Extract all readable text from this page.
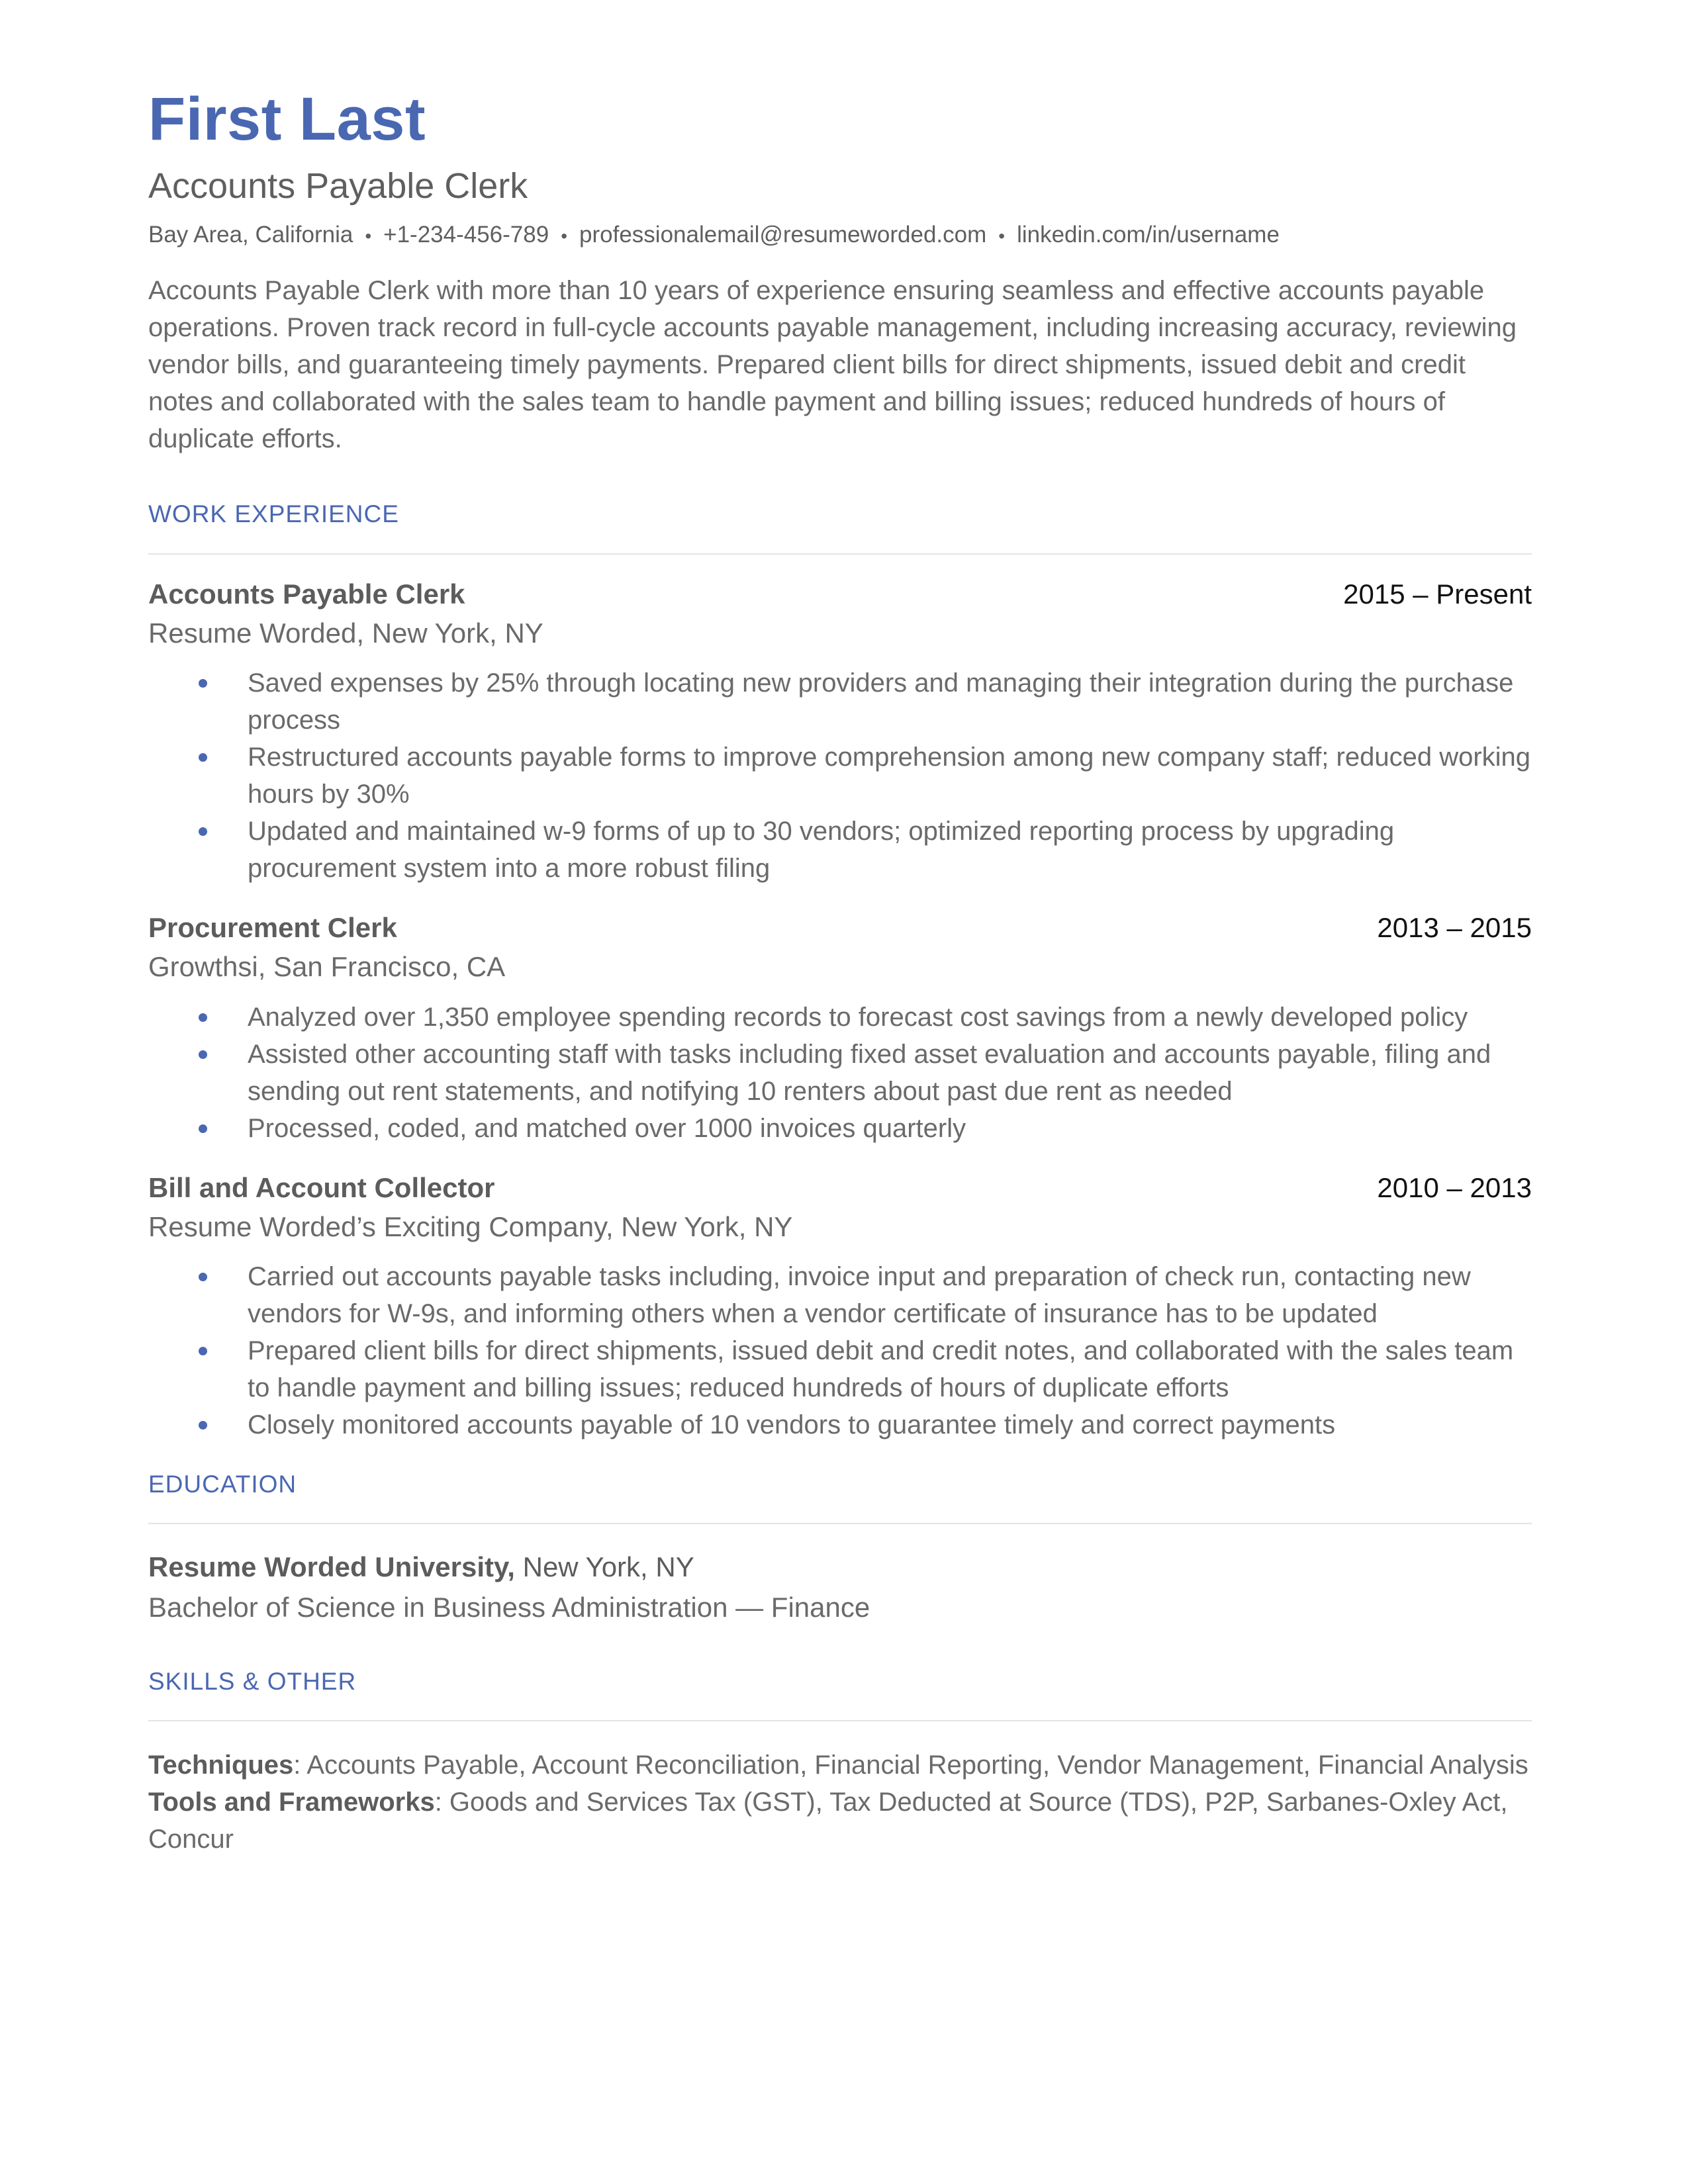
First Last
Accounts Payable Clerk
Bay Area, California • +1-234-456-789 • professionalemail@resumeworded.com • linkedin.com/in/username
Accounts Payable Clerk with more than 10 years of experience ensuring seamless and effective accounts payable operations. Proven track record in full-cycle accounts payable management, including increasing accuracy, reviewing vendor bills, and guaranteeing timely payments. Prepared client bills for direct shipments, issued debit and credit notes and collaborated with the sales team to handle payment and billing issues; reduced hundreds of hours of duplicate efforts.
WORK EXPERIENCE
Accounts Payable Clerk	2015 – Present
Resume Worded, New York, NY
Saved expenses by 25% through locating new providers and managing their integration during the purchase process
Restructured accounts payable forms to improve comprehension among new company staff; reduced working hours by 30%
Updated and maintained w-9 forms of up to 30 vendors; optimized reporting process by upgrading procurement system into a more robust filing
Procurement Clerk	2013 – 2015
Growthsi, San Francisco, CA
Analyzed over 1,350 employee spending records to forecast cost savings from a newly developed policy
Assisted other accounting staff with tasks including fixed asset evaluation and accounts payable, filing and sending out rent statements, and notifying 10 renters about past due rent as needed
Processed, coded, and matched over 1000 invoices quarterly
Bill and Account Collector	2010 – 2013
Resume Worded’s Exciting Company, New York, NY
Carried out accounts payable tasks including, invoice input and preparation of check run, contacting new vendors for W-9s, and informing others when a vendor certificate of insurance has to be updated
Prepared client bills for direct shipments, issued debit and credit notes, and collaborated with the sales team to handle payment and billing issues; reduced hundreds of hours of duplicate efforts
Closely monitored accounts payable of 10 vendors to guarantee timely and correct payments
EDUCATION
Resume Worded University, New York, NY
Bachelor of Science in Business Administration — Finance
SKILLS & OTHER
Techniques: Accounts Payable, Account Reconciliation, Financial Reporting, Vendor Management, Financial Analysis
Tools and Frameworks: Goods and Services Tax (GST), Tax Deducted at Source (TDS), P2P, Sarbanes-Oxley Act, Concur
